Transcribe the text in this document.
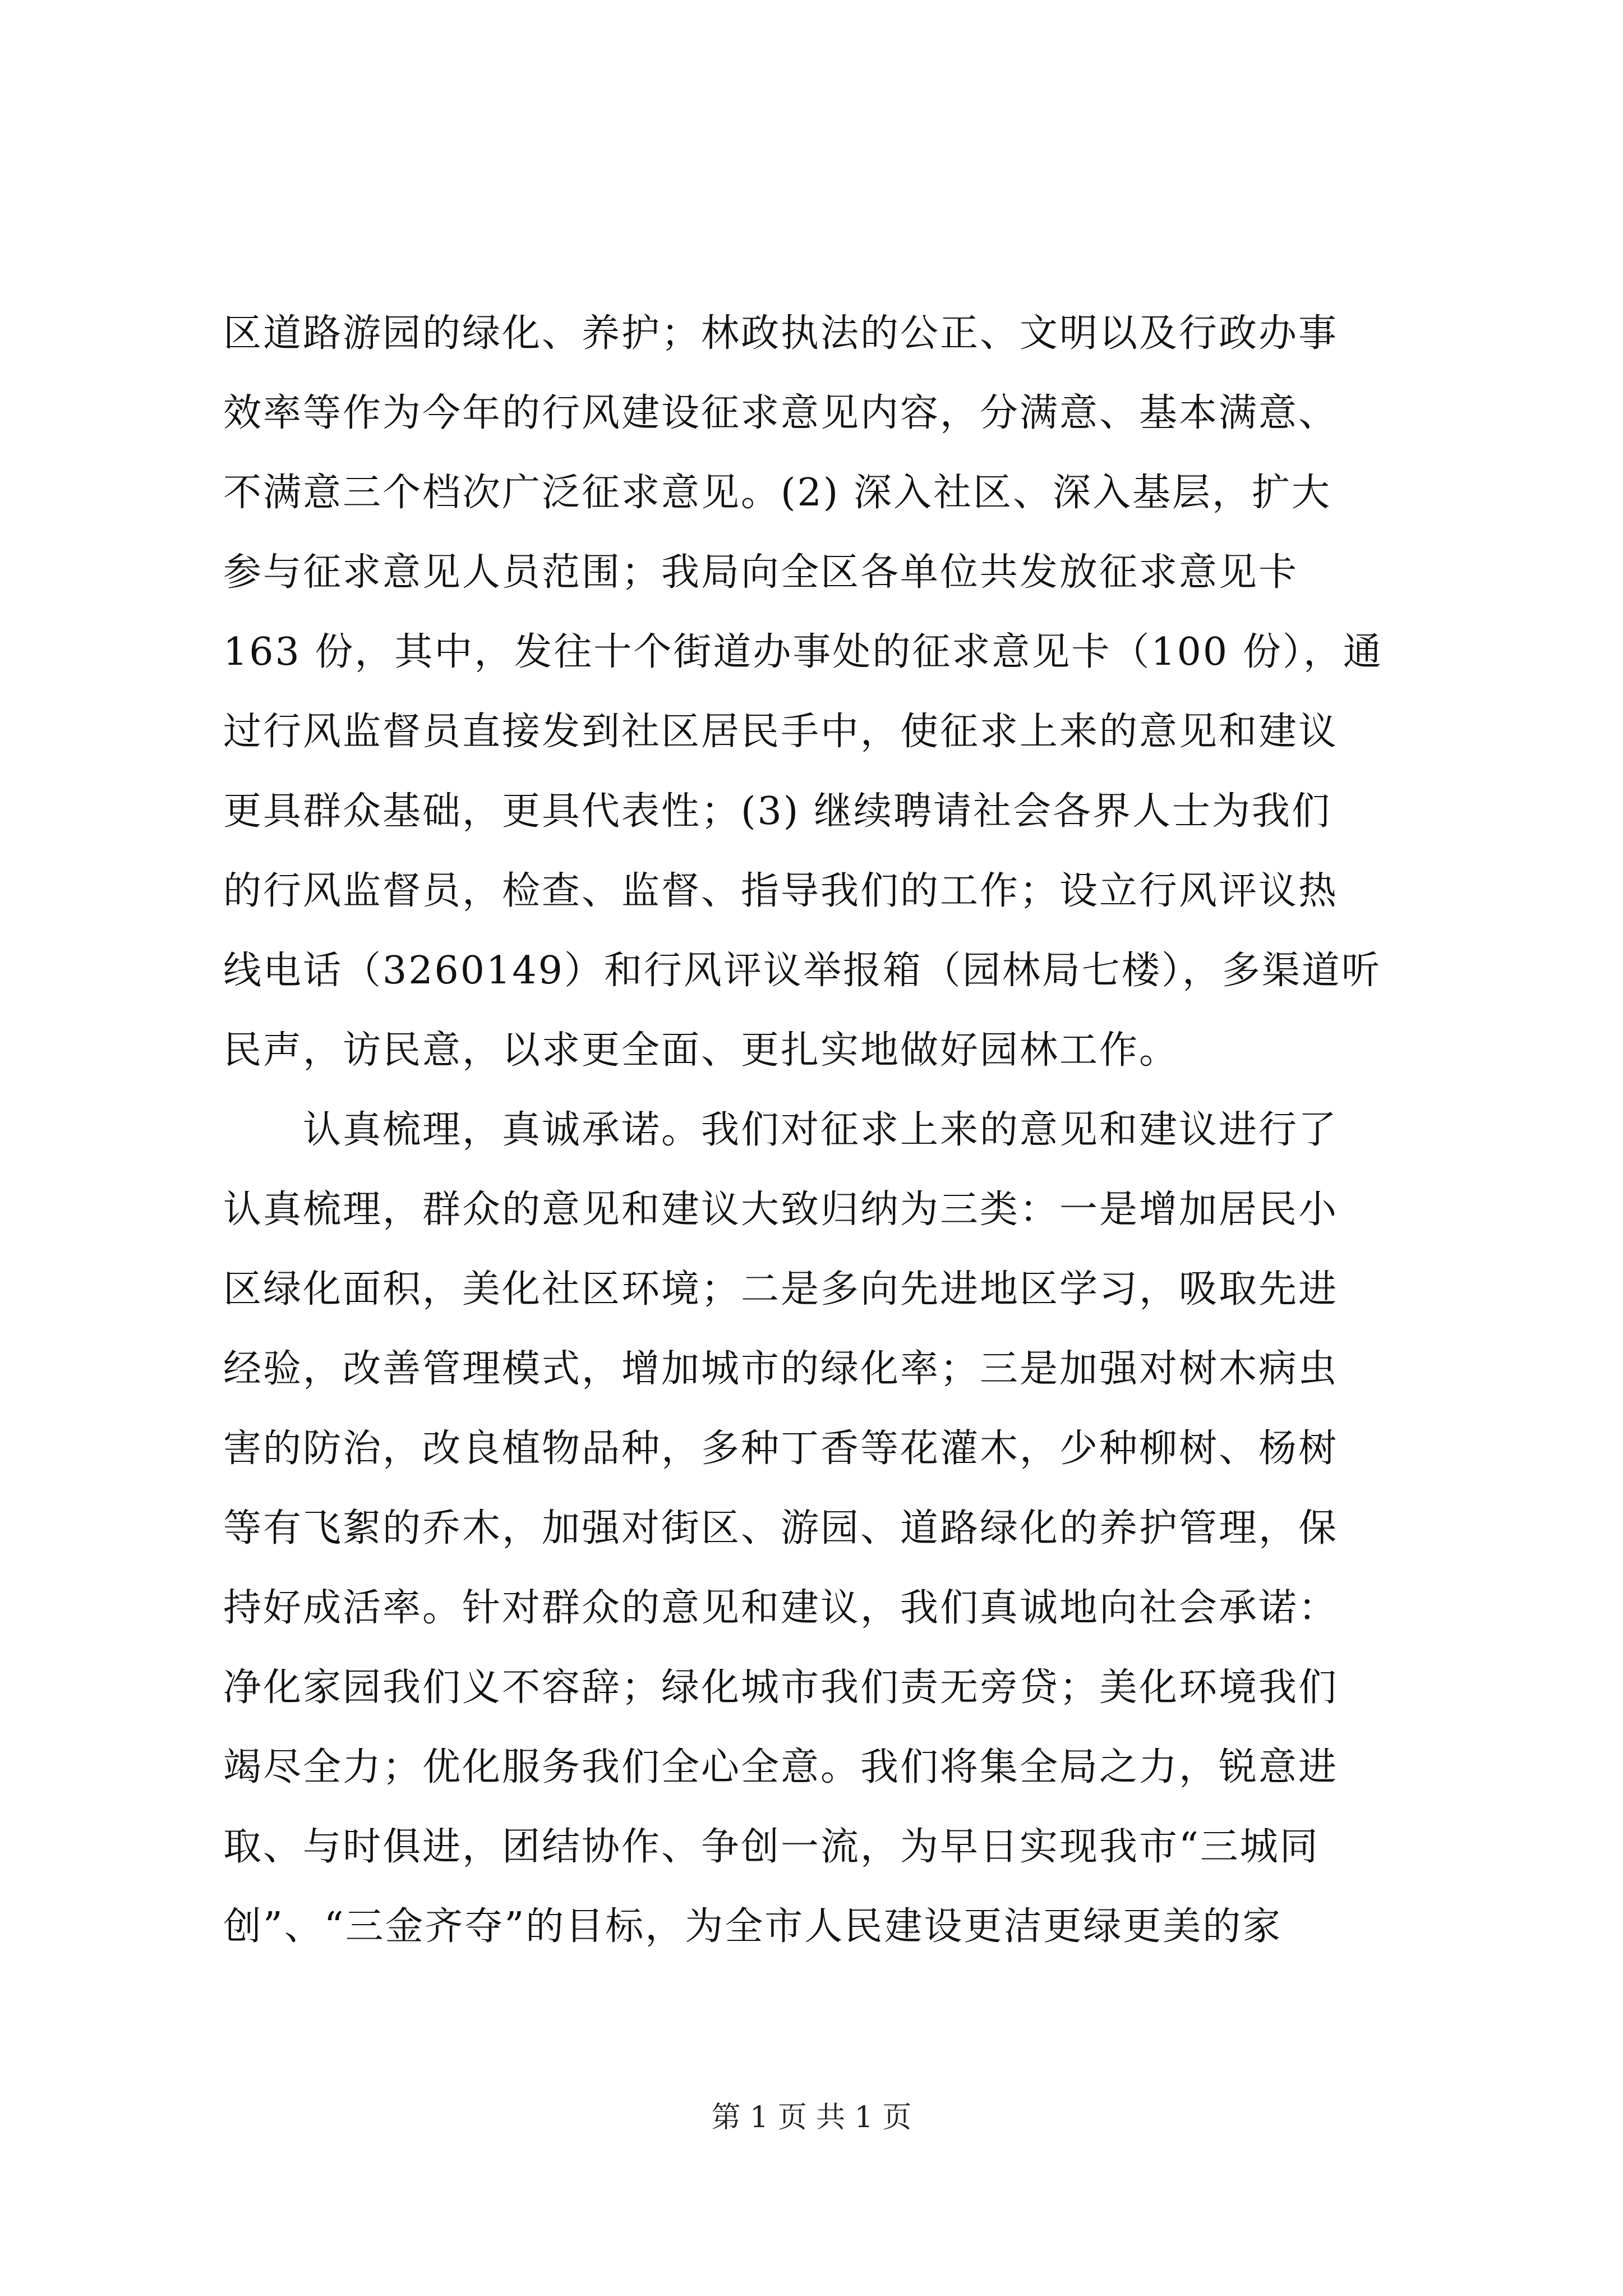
区道路游园的绿化、养护；林政执法的公正、文明以及行政办事
效率等作为今年的行风建设征求意见内容，分满意、基本满意、
不满意三个档次广泛征求意见。(2) 深入社区、深入基层，扩大
参与征求意见人员范围；我局向全区各单位共发放征求意见卡
163 份，其中，发往十个街道办事处的征求意见卡（100 份），通
过行风监督员直接发到社区居民手中，使征求上来的意见和建议
更具群众基础，更具代表性；(3) 继续聘请社会各界人士为我们
的行风监督员，检查、监督、指导我们的工作；设立行风评议热
线电话（3260149）和行风评议举报箱（园林局七楼），多渠道听
民声，访民意，以求更全面、更扎实地做好园林工作。
认真梳理，真诚承诺。我们对征求上来的意见和建议进行了
认真梳理，群众的意见和建议大致归纳为三类：一是增加居民小
区绿化面积，美化社区环境；二是多向先进地区学习，吸取先进
经验，改善管理模式，增加城市的绿化率；三是加强对树木病虫
害的防治，改良植物品种，多种丁香等花灌木，少种柳树、杨树
等有飞絮的乔木，加强对街区、游园、道路绿化的养护管理，保
持好成活率。针对群众的意见和建议，我们真诚地向社会承诺：
净化家园我们义不容辞；绿化城市我们责无旁贷；美化环境我们
竭尽全力；优化服务我们全心全意。我们将集全局之力，锐意进
取、与时俱进，团结协作、争创一流，为早日实现我市“三城同
创”、“三金齐夺”的目标，为全市人民建设更洁更绿更美的家
第 1 页 共 1 页
